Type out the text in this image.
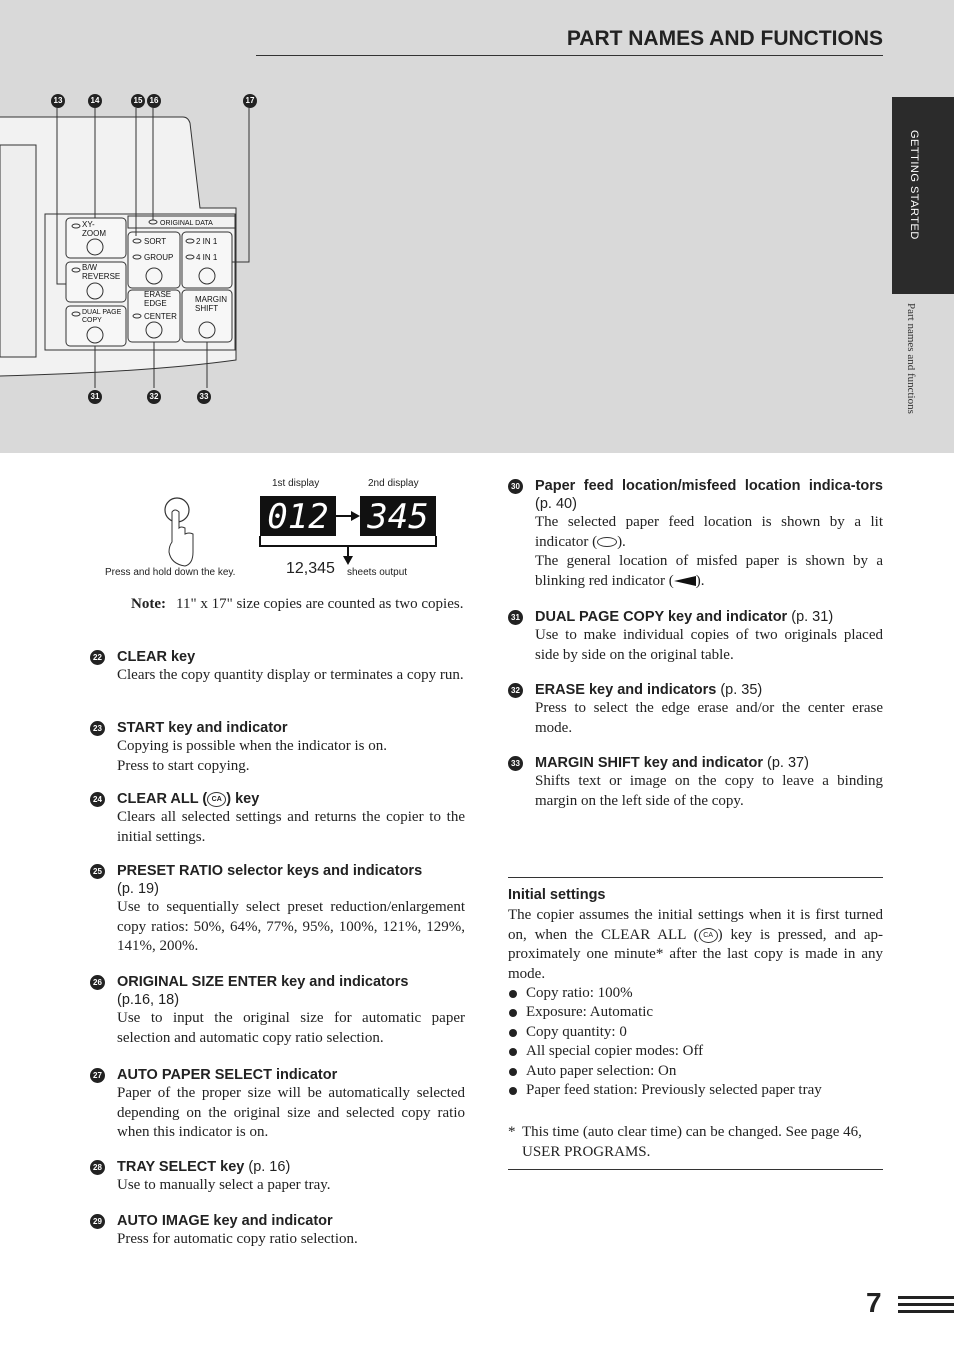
PART NAMES AND FUNCTIONS
GETTING STARTED
Part names and functions
XY-
ZOOM
B/W
REVERSE
DUAL PAGE
COPY
ORIGINAL DATA
SORT
GROUP
2 IN 1
4 IN 1
ERASE
EDGE
CENTER
MARGIN
SHIFT
13	14	15 16	17
31	32	33
1st display	2nd display
012 345
Press and hold down the key.	12,345 sheets output
Note: 11" x 17" size copies are counted as two copies.
22 CLEAR key
Clears the copy quantity display or terminates a copy run.
23 START key and indicator
Copying is possible when the indicator is on.
Press to start copying.
24 CLEAR ALL ( CA ) key
Clears all selected settings and returns the copier to the initial settings.
25 PRESET RATIO selector keys and indicators
(p. 19)
Use to sequentially select preset reduction/enlargement copy ratios: 50%, 64%, 77%, 95%, 100%, 121%, 129%, 141%, 200%.
26 ORIGINAL SIZE ENTER key and indicators
(p.16, 18)
Use to input the original size for automatic paper selection and automatic copy ratio selection.
27 AUTO PAPER SELECT indicator
Paper of the proper size will be automatically selected depending on the original size and selected copy ratio when this indicator is on.
28 TRAY SELECT key (p. 16)
Use to manually select a paper tray.
29 AUTO IMAGE key and indicator
Press for automatic copy ratio selection.
30 Paper feed location/misfeed location indica-tors (p. 40)
The selected paper feed location is shown by a lit indicator ( ).
The general location of misfed paper is shown by a blinking red indicator ( ).
31 DUAL PAGE COPY key and indicator (p. 31)
Use to make individual copies of two originals placed side by side on the original table.
32 ERASE key and indicators (p. 35)
Press to select the edge erase and/or the center erase mode.
33 MARGIN SHIFT key and indicator (p. 37)
Shifts text or image on the copy to leave a binding margin on the left side of the copy.
Initial settings
The copier assumes the initial settings when it is first turned on, when the CLEAR ALL ( CA ) key is pressed, and ap-proximately one minute* after the last copy is made in any mode.
Copy ratio: 100%
Exposure: Automatic
Copy quantity: 0
All special copier modes: Off
Auto paper selection: On
Paper feed station: Previously selected paper tray
* This time (auto clear time) can be changed. See page 46, USER PROGRAMS.
7
